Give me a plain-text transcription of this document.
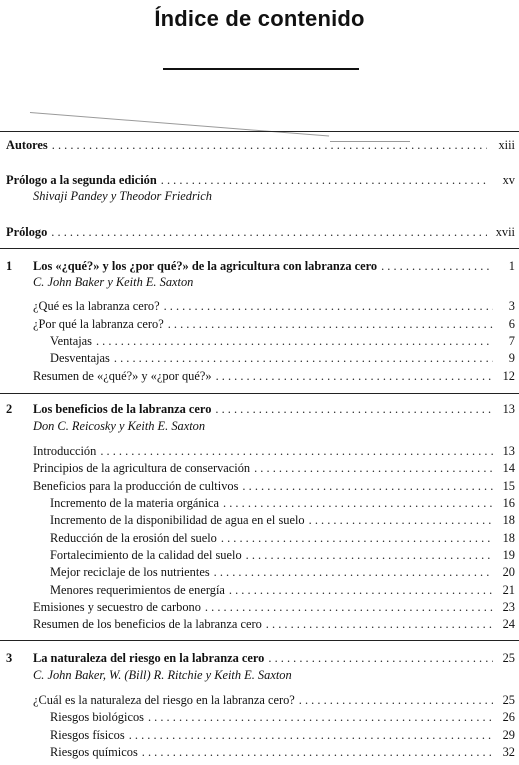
Índice de contenido
Autores . . .	xiii
Prólogo a la segunda edición . . .	xv
Shivaji Pandey y Theodor Friedrich
Prólogo . . .	xvii
1 Los «¿qué?» y los ¿por qué?» de la agricultura con labranza cero . . .	1
C. John Baker y Keith E. Saxton
¿Qué es la labranza cero? . . .	3
¿Por qué la labranza cero? . . .	6
Ventajas . . .	7
Desventajas . . .	9
Resumen de «¿qué?» y «¿por qué?» . . .	12
2 Los beneficios de la labranza cero . . .	13
Don C. Reicosky y Keith E. Saxton
Introducción . . .	13
Principios de la agricultura de conservación . . .	14
Beneficios para la producción de cultivos . . .	15
Incremento de la materia orgánica . . .	16
Incremento de la disponibilidad de agua en el suelo . . .	18
Reducción de la erosión del suelo . . .	18
Fortalecimiento de la calidad del suelo . . .	19
Mejor reciclaje de los nutrientes . . .	20
Menores requerimientos de energía . . .	21
Emisiones y secuestro de carbono . . .	23
Resumen de los beneficios de la labranza cero . . .	24
3 La naturaleza del riesgo en la labranza cero . . .	25
C. John Baker, W. (Bill) R. Ritchie y Keith E. Saxton
¿Cuál es la naturaleza del riesgo en la labranza cero? . . .	25
Riesgos biológicos . . .	26
Riesgos físicos . . .	29
Riesgos químicos . . .	32
